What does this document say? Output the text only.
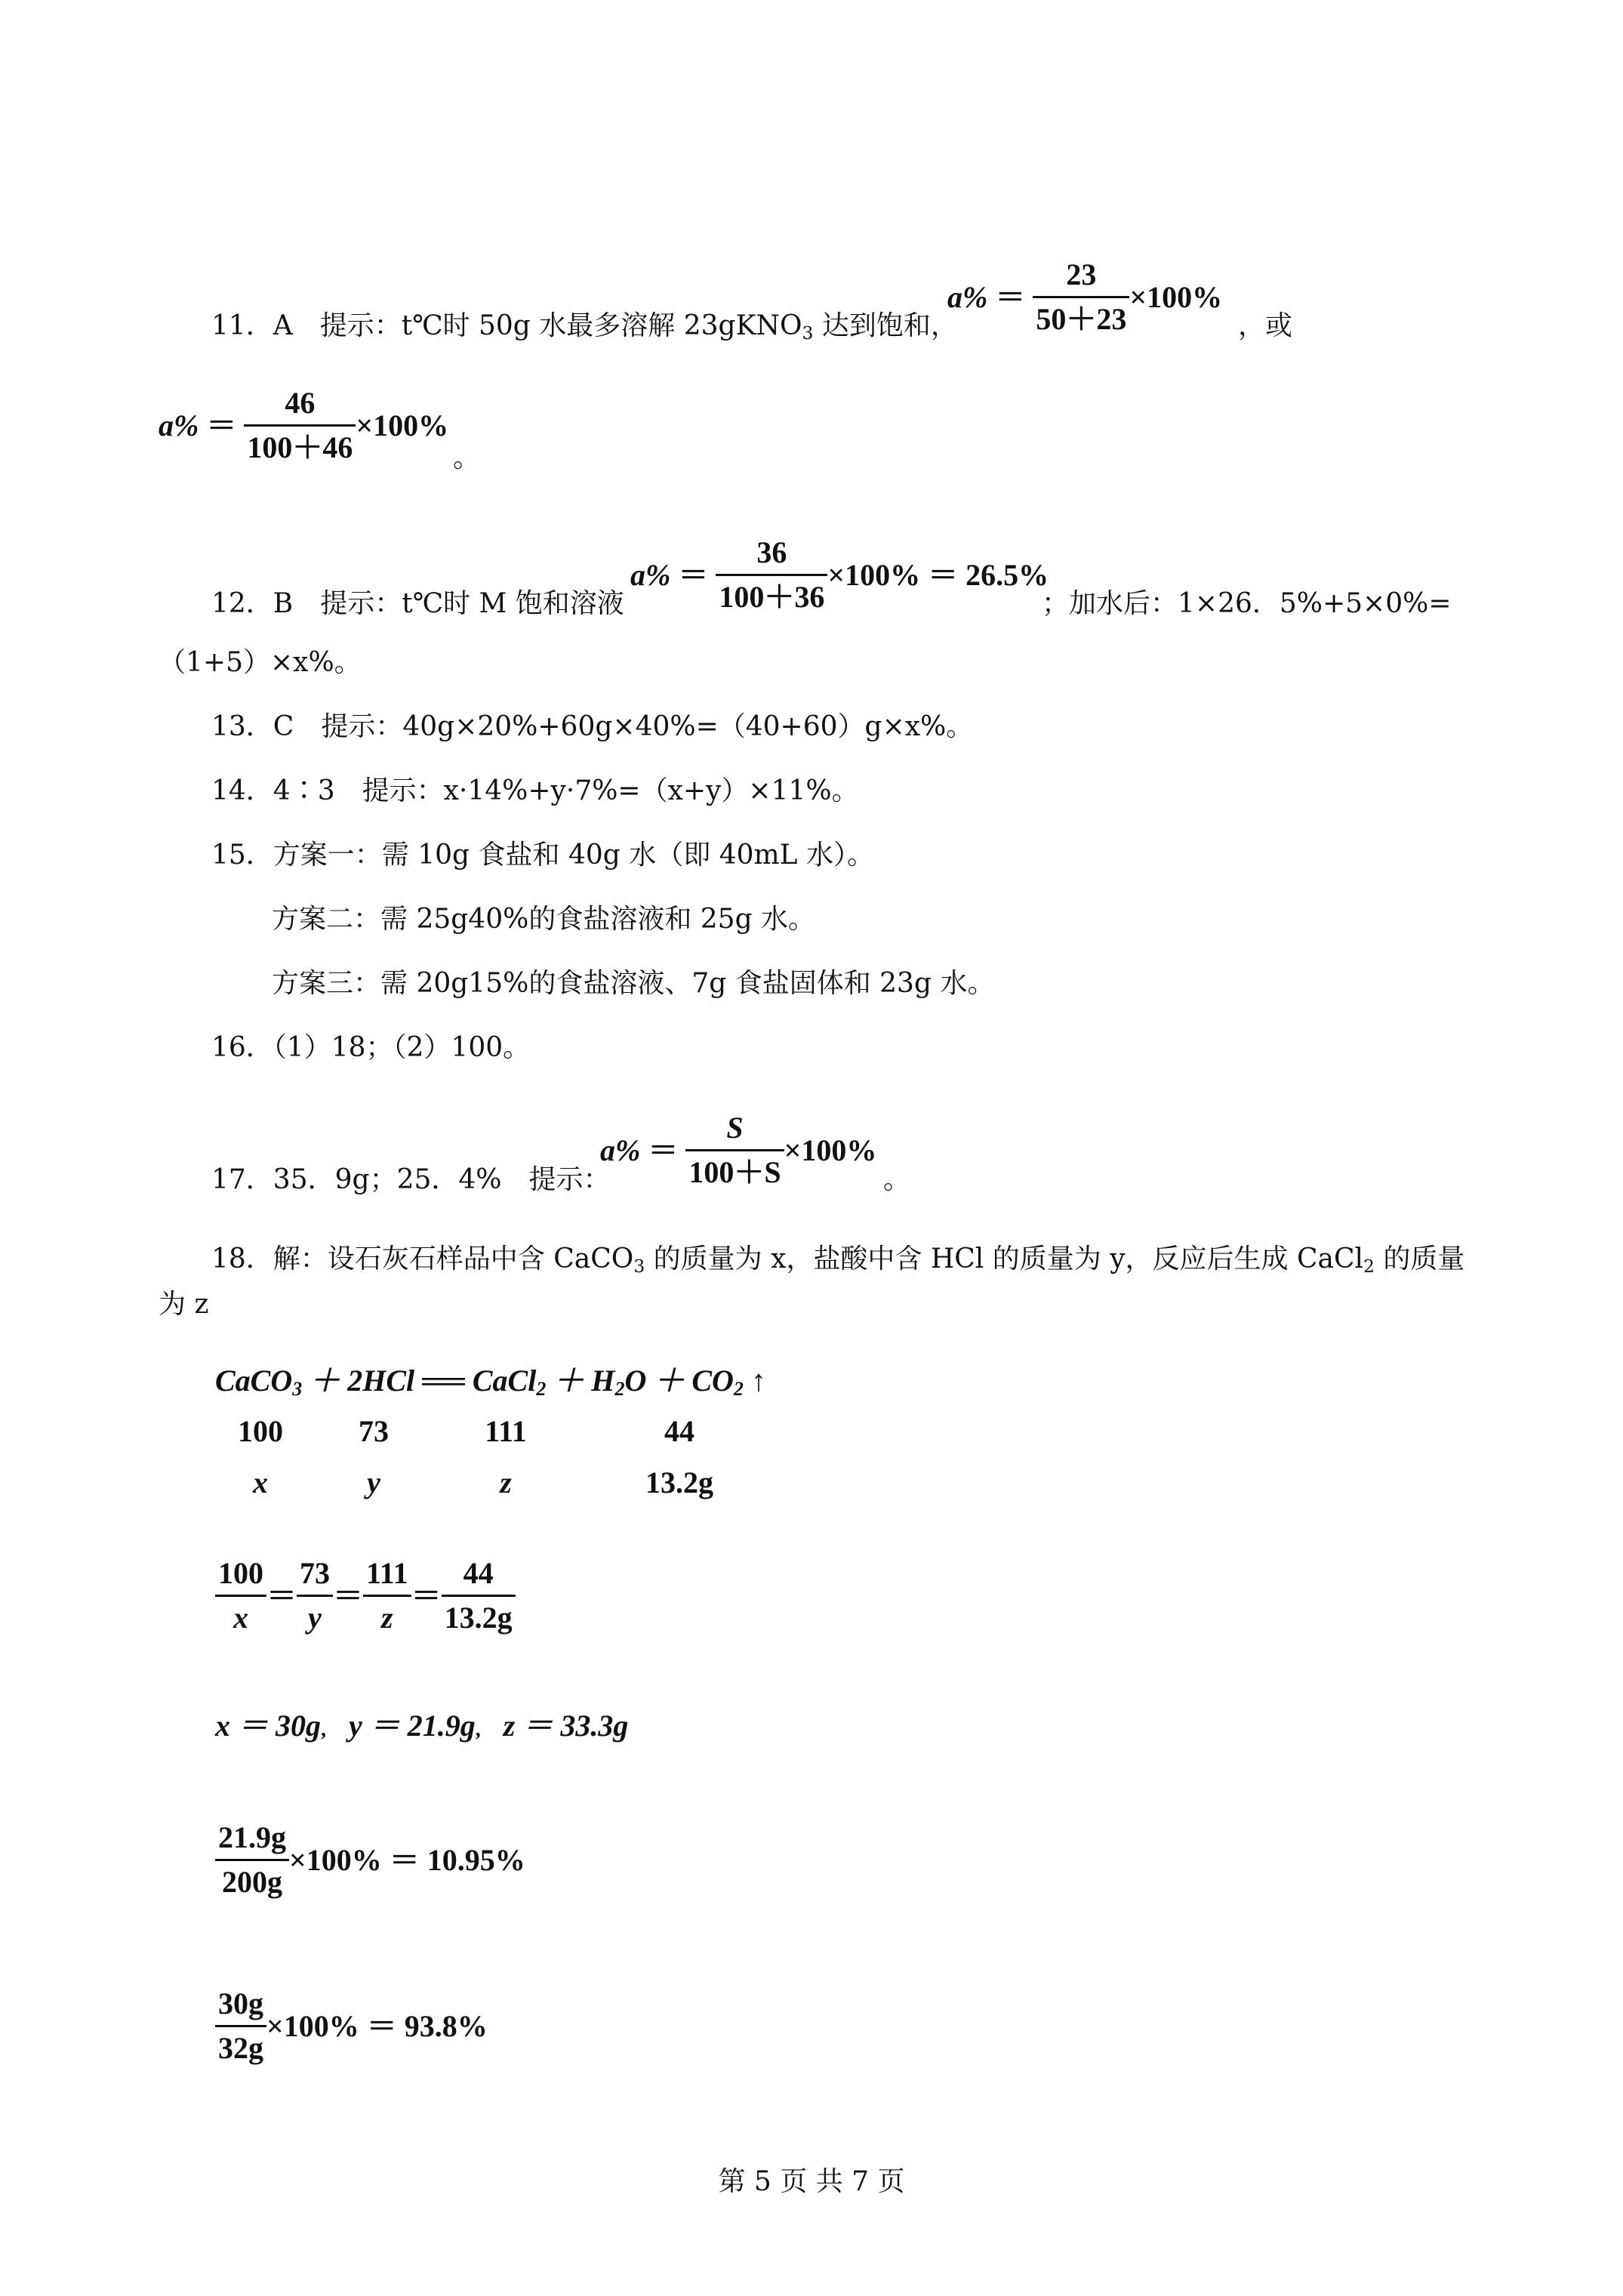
11．A　提示：t℃时 50g 水最多溶解 23gKNO$_3$ 达到饱和，
$a\% = \frac{23}{50+23} \times 100\%$
，或
$a\% = \frac{46}{100+46} \times 100\%$
。
12．B　提示：t℃时 M 饱和溶液
$a\% = \frac{36}{100+36} \times 100\% = 26.5\%$
；加水后：1×26．5%+5×0%=
（1+5）×x%。
13．C　提示：40g×20%+60g×40%=（40+60）g×x%。
14．4∶3　提示：x·14%+y·7%=（x+y）×11%。
15．方案一：需 10g 食盐和 40g 水（即 40mL 水）。
方案二：需 25g40%的食盐溶液和 25g 水。
方案三：需 20g15%的食盐溶液、7g 食盐固体和 23g 水。
16．（1）18；（2）100。
17．35．9g；25．4%　提示：
$a\% = \frac{S}{100+S} \times 100\%$
。
18．解：设石灰石样品中含 CaCO$_3$ 的质量为 x，盐酸中含 HCl 的质量为 y，反应后生成 CaCl$_2$ 的质量
为 z
CaCO$_3$ ＋ 2HCl ══ CaCl$_2$ ＋ $H_2O + CO_2$ ↑
100	73	111	44
x	y	z	13.2g
$\frac{100}{x} = \frac{73}{y} = \frac{111}{z} = \frac{44}{13.2g}$
x ＝ 30g, y ＝ 21.9g, z ＝ 33.3g
$\frac{21.9g}{200g} \times 100\% = 10.95\%$
$\frac{30g}{32g} \times 100\% = 93.8\%$
第 5 页 共 7 页
